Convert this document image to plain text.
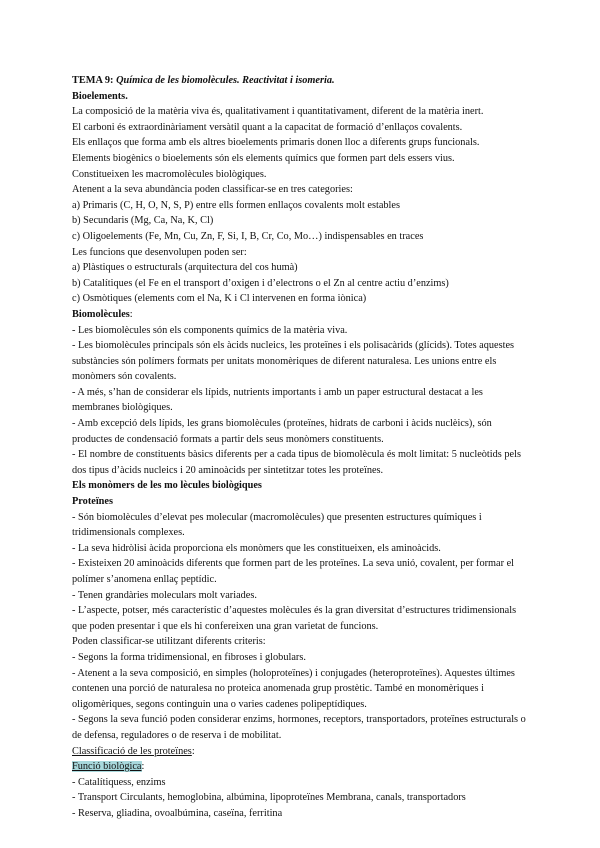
TEMA 9: Química de les biomolècules. Reactivitat i isomeria.

Bioelements.

La composició de la matèria viva és, qualitativament i quantitativament, diferent de la matèria inert.

El carboni és extraordinàriament versàtil quant a la capacitat de formació d’enllaços covalents.

Els enllaços que forma amb els altres bioelements primaris donen lloc a diferents grups funcionals.

Elements biogènics o bioelements són els elements químics que formen part dels essers vius.

Constitueixen les macromolècules biològiques.

Atenent a la seva abundància poden classificar-se en tres categories:

a) Primaris (C, H, O, N, S, P) entre ells formen enllaços covalents molt estables

b) Secundaris (Mg, Ca, Na, K, Cl)

c) Oligoelements (Fe, Mn, Cu, Zn, F, Si, I, B, Cr, Co, Mo…) indispensables en traces

Les funcions que desenvolupen poden ser:

a) Plàstiques o estructurals (arquitectura del cos humà)

b) Catalítiques (el Fe en el transport d’oxigen i d’electrons o el Zn al centre actiu d’enzims)

c) Osmòtiques (elements com el Na, K i Cl intervenen en forma iònica)

Biomolècules:

- Les biomolècules són els components químics de la matèria viva.

- Les biomolècules principals són els àcids nucleics, les proteïnes i els polisacàrids (glícids). Totes aquestes substàncies són polímers formats per unitats monomèriques de diferent naturalesa. Les unions entre els monòmers són covalents.

- A més, s’han de considerar els lípids, nutrients importants i amb un paper estructural destacat a les membranes biològiques.

- Amb excepció dels lípids, les grans biomolècules (proteïnes, hidrats de carboni i àcids nuclèics), són productes de condensació formats a partir dels seus monòmers constituents.

- El nombre de constituents bàsics diferents per a cada tipus de biomolècula és molt limitat: 5 nucleòtids pels dos tipus d’àcids nucleics i 20 aminoàcids per sintetitzar totes les proteïnes.

Els monòmers de les mo lècules biològiques

Proteïnes

- Són biomolècules d’elevat pes molecular (macromolècules) que presenten estructures químiques i tridimensionals complexes.

- La seva hidròlisi àcida proporciona els monòmers que les constitueixen, els aminoàcids.

- Existeixen 20 aminoàcids diferents que formen part de les proteïnes. La seva unió, covalent, per formar el polímer s’anomena enllaç peptídic.

- Tenen grandàries moleculars molt variades.

- L’aspecte, potser, més característic d’aquestes molècules és la gran diversitat d’estructures tridimensionals que poden presentar i que els hi confereixen una gran varietat de funcions.

Poden classificar-se utilitzant diferents criteris:

- Segons la forma tridimensional, en fibroses i globulars.

- Atenent a la seva composició, en simples (holoproteïnes) i conjugades (heteroproteïnes). Aquestes últimes contenen una porció de naturalesa no proteica anomenada grup prostètic. També en monomèriques i oligomèriques, segons continguin una o varies cadenes polipeptídiques.

- Segons la seva funció poden considerar enzims, hormones, receptors, transportadors, proteïnes estructurals o de defensa, reguladores o de reserva i de mobilitat.

Classificació de les proteïnes:

Funció biològica:

- Catalítiquess, enzims

- Transport Circulants, hemoglobina, albúmina, lipoproteïnes Membrana, canals, transportadors

- Reserva, gliadina, ovoalbúmina, caseïna, ferritina
